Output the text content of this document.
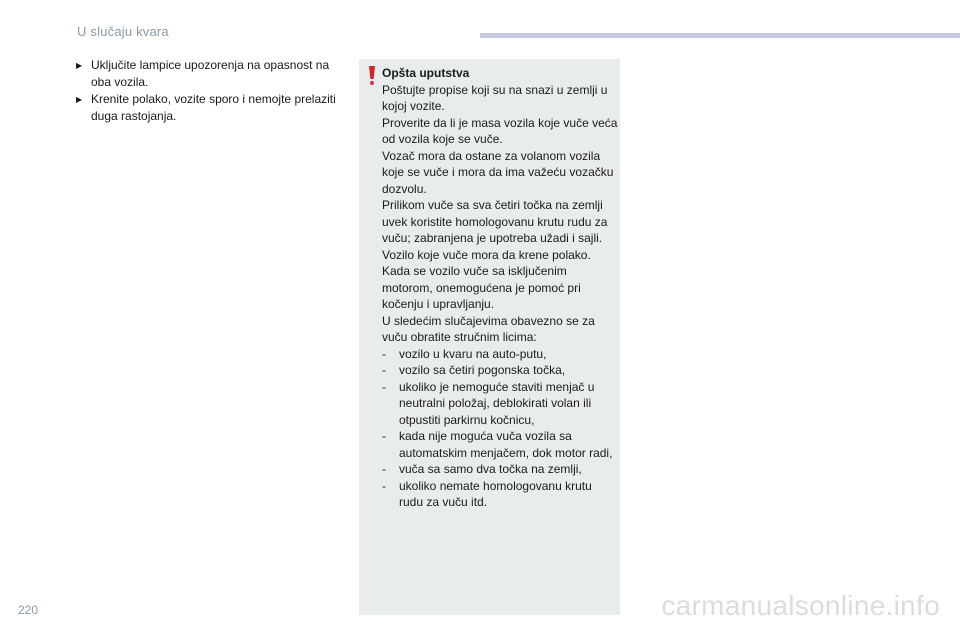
U slučaju kvara
▶ Uključite lampice upozorenja na opasnost na oba vozila.
▶ Krenite polako, vozite sporo i nemojte prelaziti duga rastojanja.
Opšta uputstva

Poštujte propise koji su na snazi u zemlji u kojoj vozite.

Proverite da li je masa vozila koje vuče veća od vozila koje se vuče.

Vozač mora da ostane za volanom vozila koje se vuče i mora da ima važeću vozačku dozvolu.

Prilikom vuče sa sva četiri točka na zemlji uvek koristite homologovanu krutu rudu za vuču; zabranjena je upotreba užadi i sajli.

Vozilo koje vuče mora da krene polako.

Kada se vozilo vuče sa isključenim motorom, onemogućena je pomoć pri kočenju i upravljanju.

U sledećim slučajevima obavezno se za vuču obratite stručnim licima:

-	vozilo u kvaru na auto-putu,
-	vozilo sa četiri pogonska točka,
-	ukoliko je nemoguće staviti menjač u neutralni položaj, deblokirati volan ili otpustiti parkirnu kočnicu,
-	kada nije moguća vuča vozila sa automatskim menjačem, dok motor radi,
-	vuča sa samo dva točka na zemlji,
-	ukoliko nemate homologovanu krutu rudu za vuču itd.
220	carmanualsonline.info
